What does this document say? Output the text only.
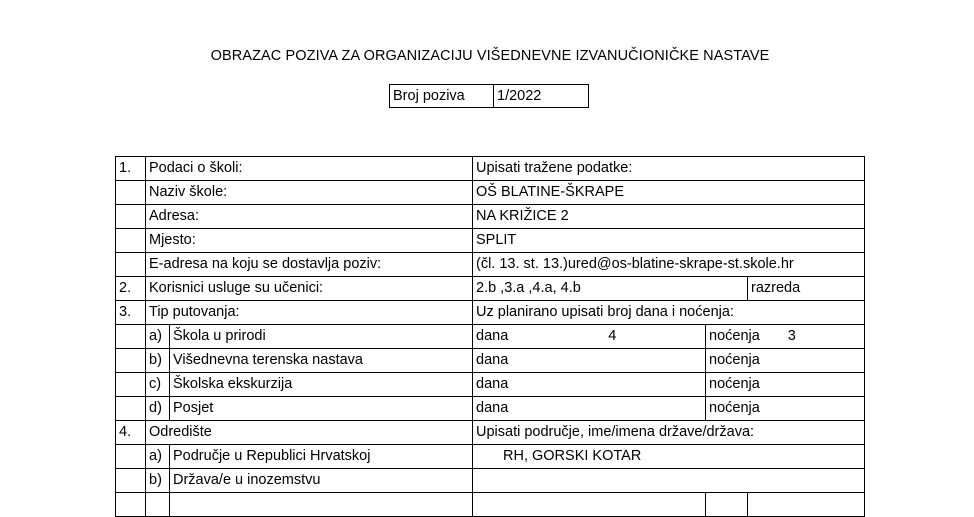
OBRAZAC POZIVA ZA ORGANIZACIJU VIŠEDNEVNE IZVANUČIONIČKE NASTAVE
Broj poziva	1/2022
1.	Podaci o školi:		Upisati tražene podatke:		
	Naziv škole:		OŠ BLATINE-ŠKRAPE		
	Adresa:		NA KRIŽICE 2		
	Mjesto:		SPLIT		
	E-adresa na koju se dostavlja poziv:		(čl. 13. st. 13.)ured@os-blatine-skrape-st.skole.hr		
2.	Korisnici usluge su učenici:		2.b ,3.a ,4.a, 4.b		razreda
3.	Tip putovanja:		Uz planirano upisati broj dana i noćenja:		
	a)	Škola u prirodi	dana 4	noćenja 3	
	b)	Višednevna terenska nastava	dana	noćenja	
	c)	Školska ekskurzija	dana	noćenja	
	d)	Posjet	dana	noćenja	
4.	Odredište		Upisati područje, ime/imena države/država:		
	a)	Područje u Republici Hrvatskoj	RH, GORSKI KOTAR		
	b)	Država/e u inozemstvu			
